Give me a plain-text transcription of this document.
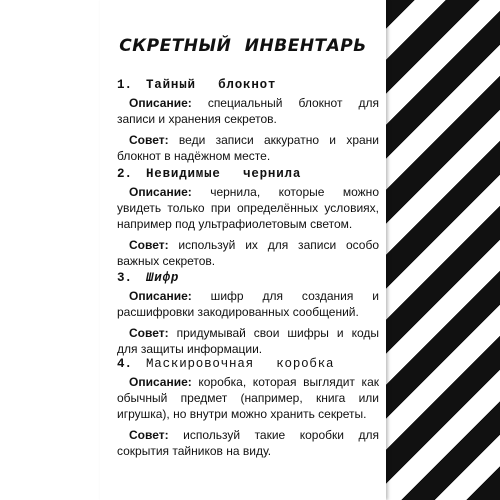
СКРЕТНЫЙ ИНВЕНТАРЬ
1.	Тайный блокнот

Описание: специальный блокнот для записи и хранения секретов.

Совет: веди записи аккуратно и храни блокнот в надёжном месте.

2.	Невидимые чернила

Описание: чернила, которые можно увидеть только при определённых условиях, например под ультрафиолетовым светом.

Совет: используй их для записи особо важных секретов.

3.	Шифр

Описание: шифр для создания и расшифровки закодированных сообщений.

Совет: придумывай свои шифры и коды для защиты информации.

4.	Маскировочная коробка

Описание: коробка, которая выглядит как обычный предмет (например, книга или игрушка), но внутри можно хранить секреты.

Совет: используй такие коробки для сокрытия тайников на виду.
